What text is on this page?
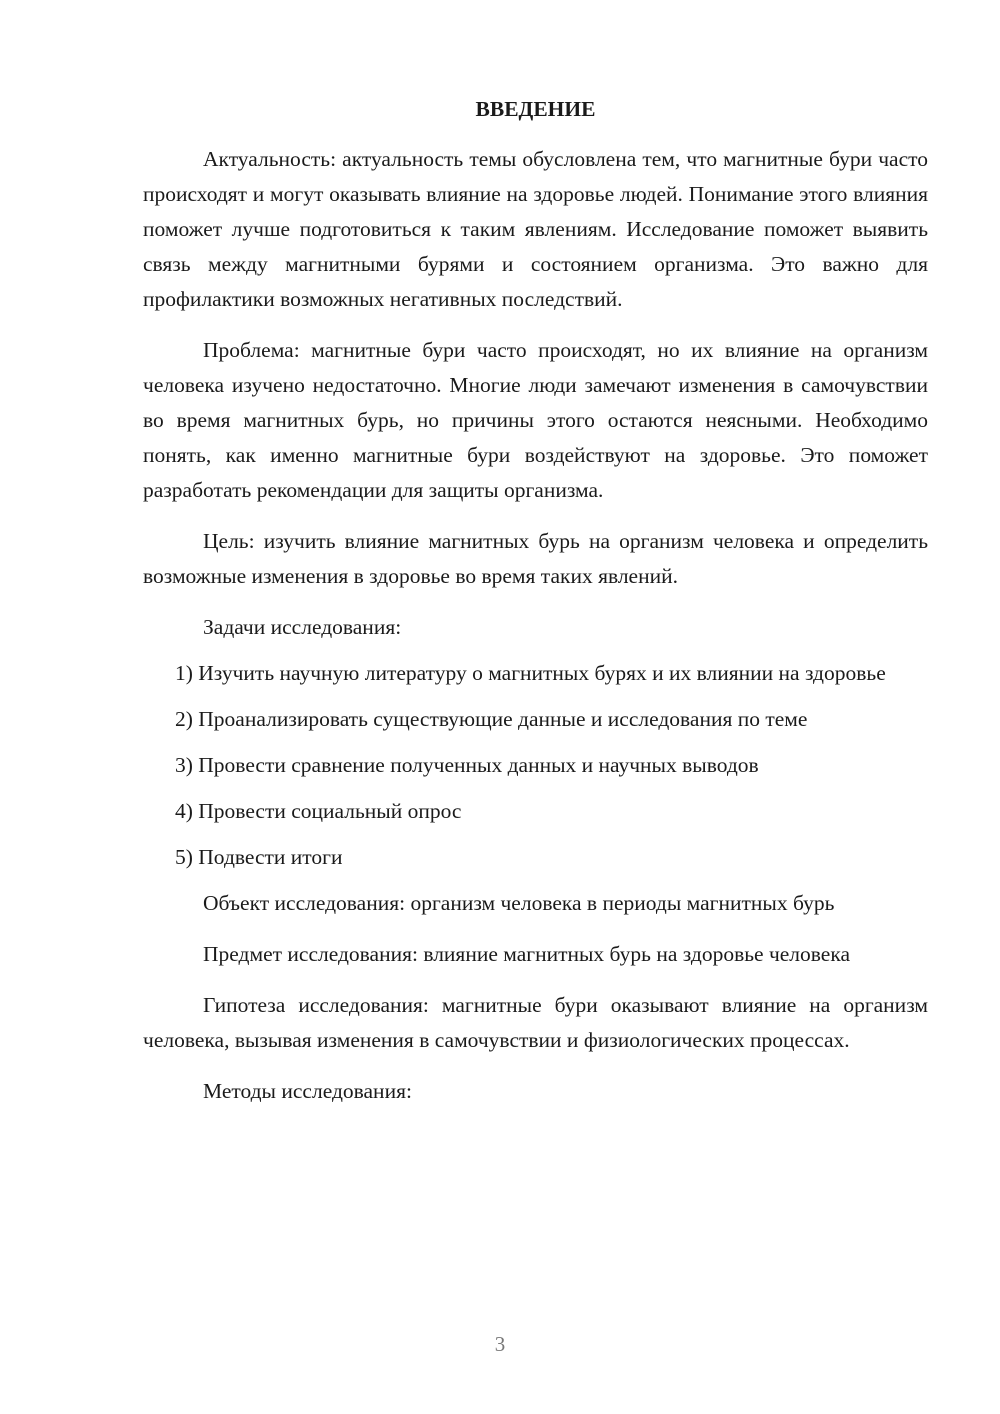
ВВЕДЕНИЕ

Актуальность: актуальность темы обусловлена тем, что магнитные бури часто происходят и могут оказывать влияние на здоровье людей. Понимание этого влияния поможет лучше подготовиться к таким явлениям. Исследование поможет выявить связь между магнитными бурями и состоянием организма. Это важно для профилактики возможных негативных последствий.

Проблема: магнитные бури часто происходят, но их влияние на организм человека изучено недостаточно. Многие люди замечают изменения в самочувствии во время магнитных бурь, но причины этого остаются неясными. Необходимо понять, как именно магнитные бури воздействуют на здоровье. Это поможет разработать рекомендации для защиты организма.

Цель: изучить влияние магнитных бурь на организм человека и определить возможные изменения в здоровье во время таких явлений.

Задачи исследования:

1) Изучить научную литературу о магнитных бурях и их влиянии на здоровье

2) Проанализировать существующие данные и исследования по теме

3) Провести сравнение полученных данных и научных выводов

4) Провести социальный опрос

5) Подвести итоги

Объект исследования: организм человека в периоды магнитных бурь

Предмет исследования: влияние магнитных бурь на здоровье человека

Гипотеза исследования: магнитные бури оказывают влияние на организм человека, вызывая изменения в самочувствии и физиологических процессах.

Методы исследования:

3
